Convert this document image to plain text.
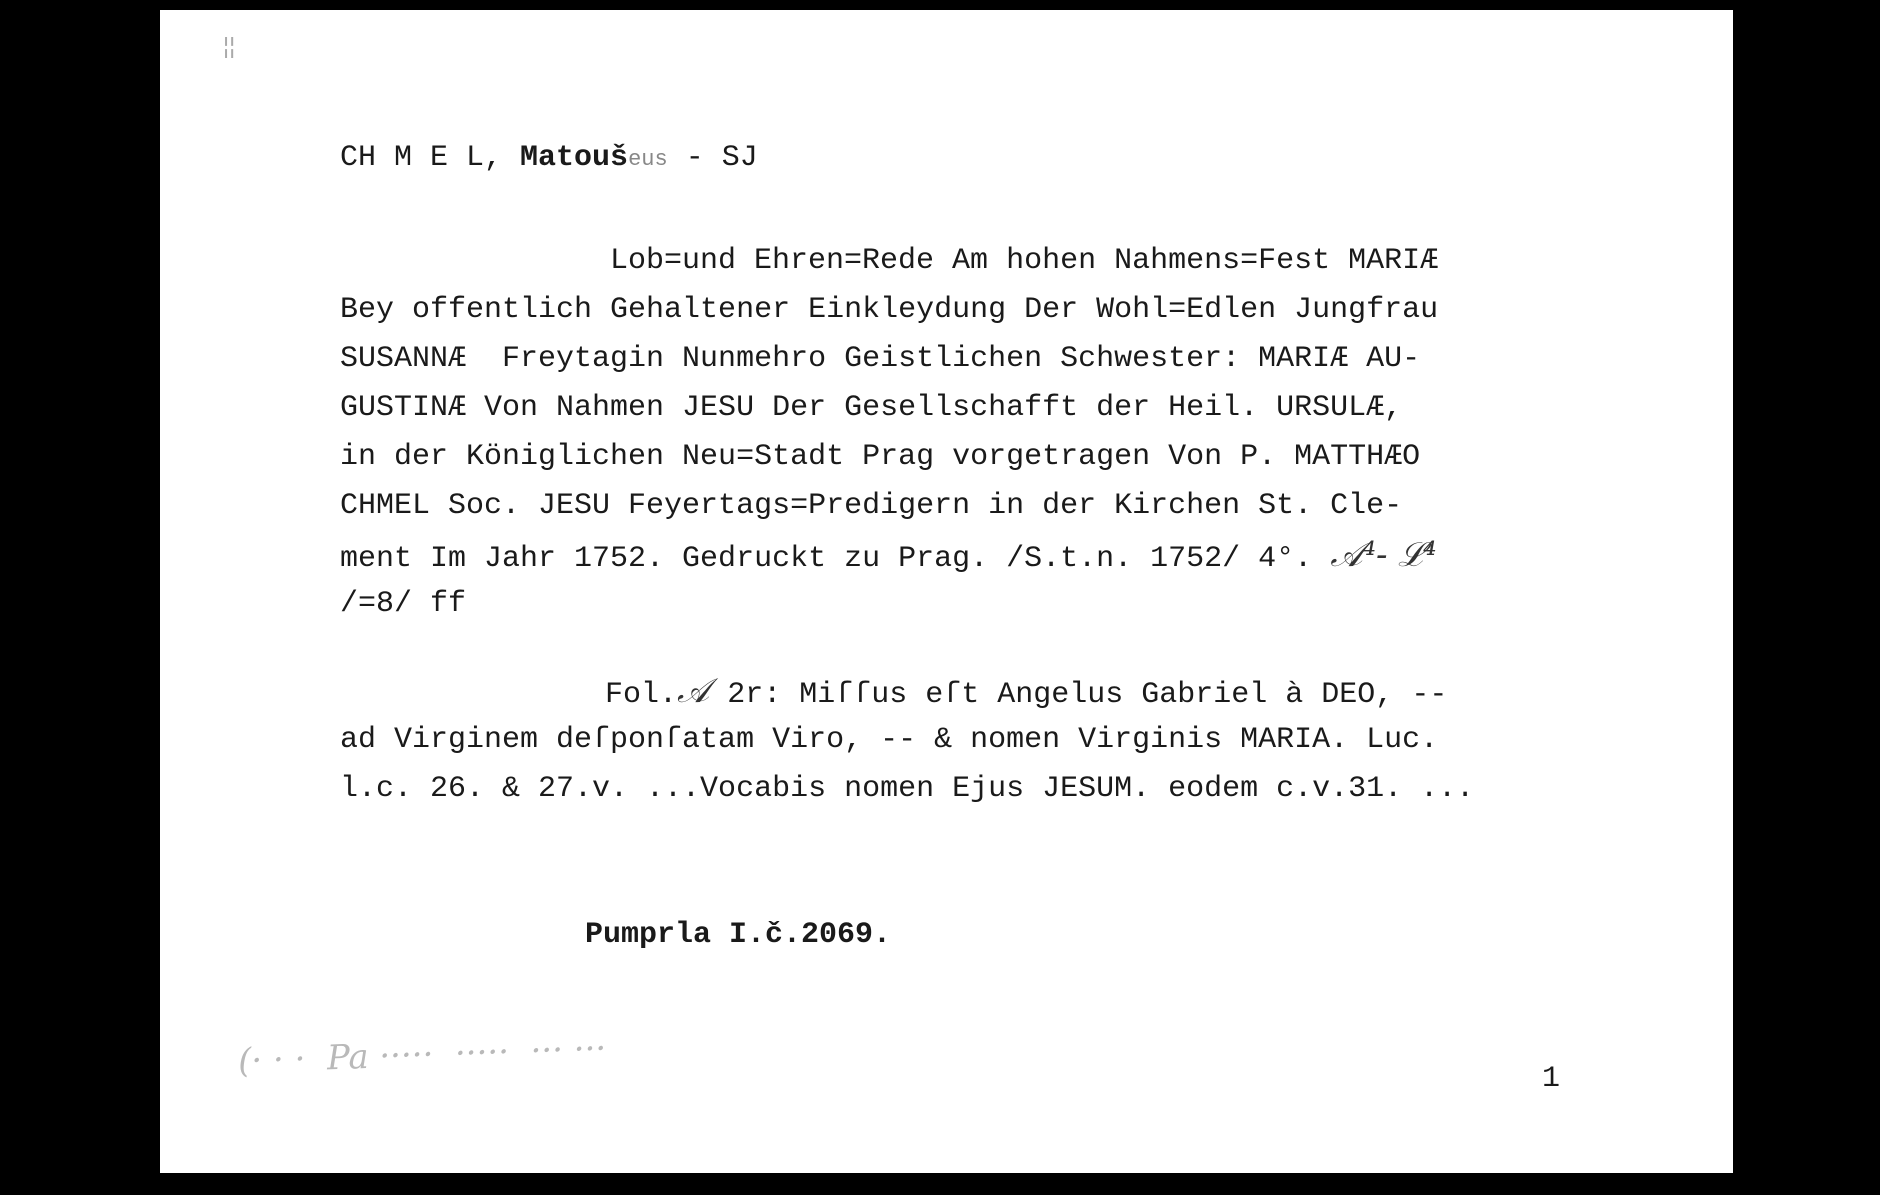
¦¦
CH M E L, Matoušeus - SJ
Lob=und Ehren=Rede Am hohen Nahmens=Fest MARIÆ
Bey offentlich Gehaltener Einkleydung Der Wohl=Edlen Jungfrau
SUSANNÆ  Freytagin Nunmehro Geistlichen Schwester: MARIÆ AU-
GUSTINÆ Von Nahmen JESU Der Gesellschafft der Heil. URSULÆ,
in der Königlichen Neu=Stadt Prag vorgetragen Von P. MATTHÆO
CHMEL Soc. JESU Feyertags=Predigern in der Kirchen St. Cle-
ment Im Jahr 1752. Gedruckt zu Prag. /S.t.n. 1752/ 4°. 𝒜⁴- ℒ⁴
/=8/ ff
Fol.𝒜 2r: Miſſus eſt Angelus Gabriel à DEO, --
ad Virginem deſponſatam Viro, -- & nomen Virginis MARIA. Luc.
l.c. 26. & 27.v. ...Vocabis nomen Ejus JESUM. eodem c.v.31. ...
Pumprla I.č.2069.
(· · ·  Pa ·····  ·····  ··· ···	1
